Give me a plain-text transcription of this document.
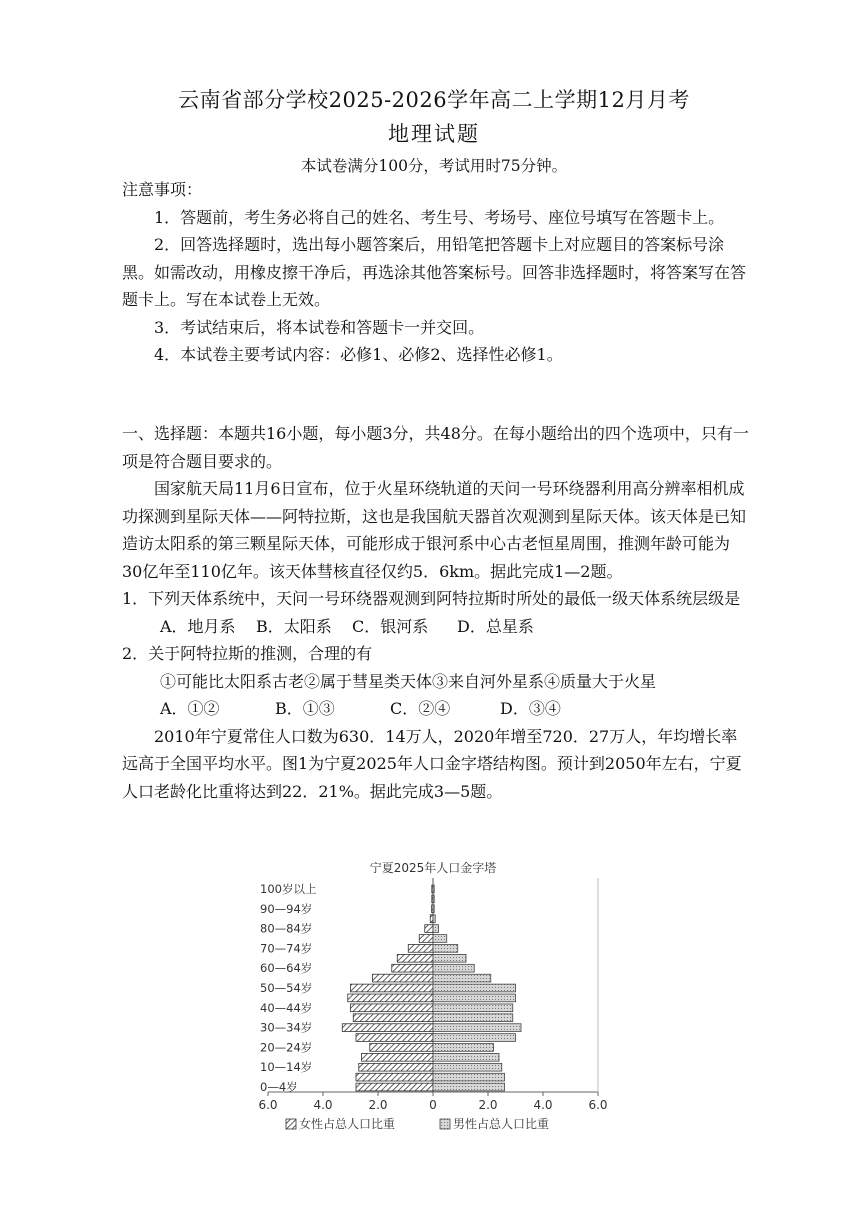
云南省部分学校2025-2026学年高二上学期12月月考
地理试题
本试卷满分100分，考试用时75分钟。

注意事项：

1．答题前，考生务必将自己的姓名、考生号、考场号、座位号填写在答题卡上。

2．回答选择题时，选出每小题答案后，用铅笔把答题卡上对应题目的答案标号涂黑。如需改动，用橡皮擦干净后，再选涂其他答案标号。回答非选择题时，将答案写在答题卡上。写在本试卷上无效。

3．考试结束后，将本试卷和答题卡一并交回。

4．本试卷主要考试内容：必修1、必修2、选择性必修1。

一、选择题：本题共16小题，每小题3分，共48分。在每小题给出的四个选项中，只有一项是符合题目要求的。

国家航天局11月6日宣布，位于火星环绕轨道的天问一号环绕器利用高分辨率相机成功探测到星际天体——阿特拉斯，这也是我国航天器首次观测到星际天体。该天体是已知造访太阳系的第三颗星际天体，可能形成于银河系中心古老恒星周围，推测年龄可能为30亿年至110亿年。该天体彗核直径仅约5．6km。据此完成1—2题。

1．下列天体系统中，天问一号环绕器观测到阿特拉斯时所处的最低一级天体系统层级是

A．地月系	B．太阳系	C．银河系	D．总星系

2．关于阿特拉斯的推测，合理的有

①可能比太阳系古老②属于彗星类天体③来自河外星系④质量大于火星

A．①②	B．①③	C．②④	D．③④

2010年宁夏常住人口数为630．14万人，2020年增至720．27万人，年均增长率远高于全国平均水平。图1为宁夏2025年人口金字塔结构图。预计到2050年左右，宁夏人口老龄化比重将达到22．21%。据此完成3—5题。

宁夏2025年人口金字塔
0—4岁
10—14岁
20—24岁
30—34岁
40—44岁
50—54岁
60—64岁
70—74岁
80—84岁
90—94岁
100岁以上
6.0	4.0	2.0	0	2.0	4.0	6.0
女性占总人口比重	男性占总人口比重
